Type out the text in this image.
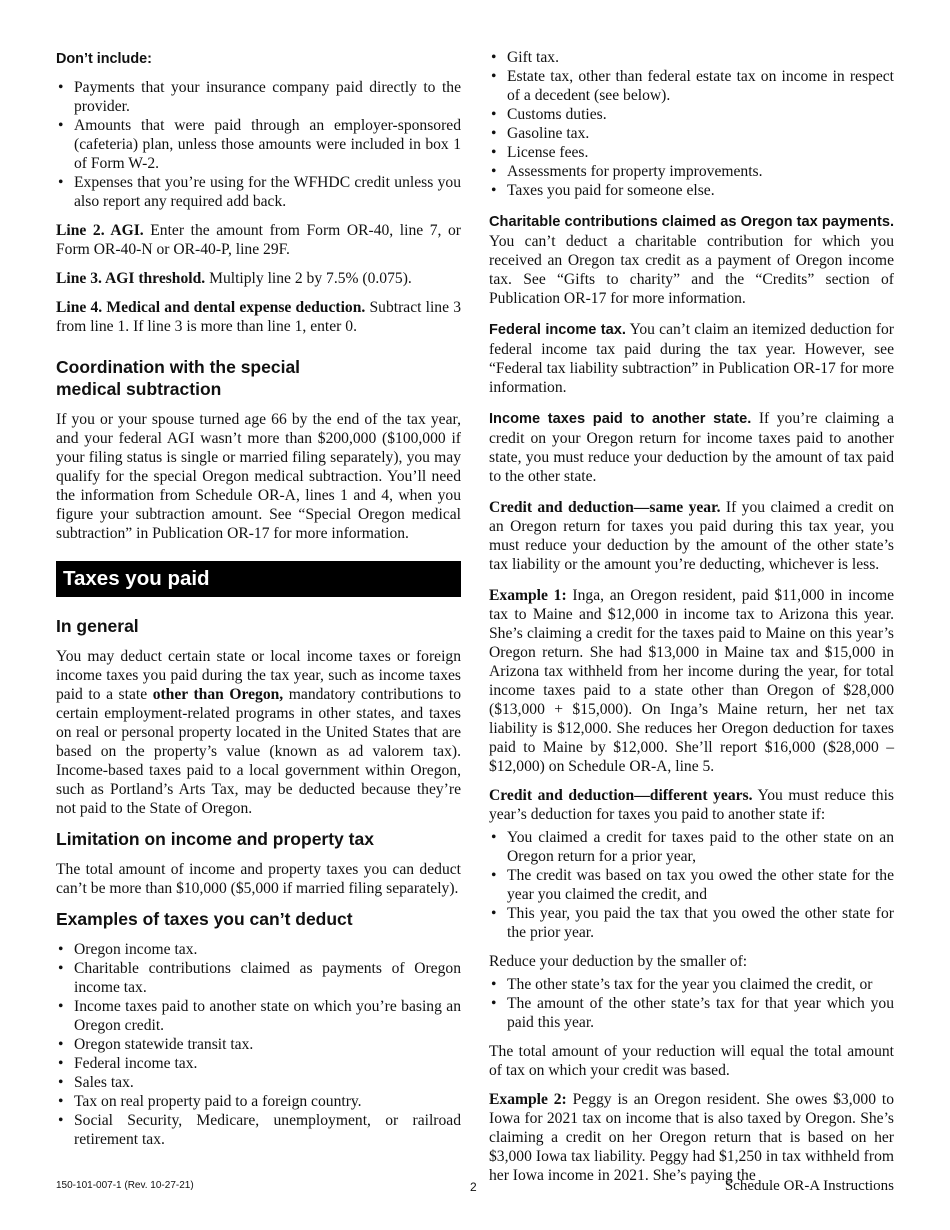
Don’t include:
• Payments that your insurance company paid directly to the provider.
• Amounts that were paid through an employer-sponsored (cafeteria) plan, unless those amounts were included in box 1 of Form W-2.
• Expenses that you’re using for the WFHDC credit unless you also report any required add back.

Line 2. AGI. Enter the amount from Form OR-40, line 7, or Form OR-40-N or OR-40-P, line 29F.

Line 3. AGI threshold. Multiply line 2 by 7.5% (0.075).

Line 4. Medical and dental expense deduction. Subtract line 3 from line 1. If line 3 is more than line 1, enter 0.

Coordination with the special
medical subtraction

If you or your spouse turned age 66 by the end of the tax year, and your federal AGI wasn’t more than $200,000 ($100,000 if your filing status is single or married filing separately), you may qualify for the special Oregon medical subtraction. You’ll need the information from Schedule OR-A, lines 1 and 4, when you figure your subtraction amount. See “Special Oregon medical subtraction” in Publication OR-17 for more information.

Taxes you paid
In general

You may deduct certain state or local income taxes or foreign income taxes you paid during the tax year, such as income taxes paid to a state other than Oregon, mandatory contributions to certain employment-related programs in other states, and taxes on real or personal property located in the United States that are based on the property’s value (known as ad valorem tax). Income-based taxes paid to a local government within Oregon, such as Portland’s Arts Tax, may be deducted because they’re not paid to the State of Oregon.

Limitation on income and property tax

The total amount of income and property taxes you can deduct can’t be more than $10,000 ($5,000 if married filing separately).

Examples of taxes you can’t deduct
• Oregon income tax.
• Charitable contributions claimed as payments of Oregon income tax.
• Income taxes paid to another state on which you’re basing an Oregon credit.
• Oregon statewide transit tax.
• Federal income tax.
• Sales tax.
• Tax on real property paid to a foreign country.
• Social Security, Medicare, unemployment, or railroad retirement tax.
• Gift tax.
• Estate tax, other than federal estate tax on income in respect of a decedent (see below).
• Customs duties.
• Gasoline tax.
• License fees.
• Assessments for property improvements.
• Taxes you paid for someone else.

Charitable contributions claimed as Oregon tax payments. You can’t deduct a charitable contribution for which you received an Oregon tax credit as a payment of Oregon income tax. See “Gifts to charity” and the “Credits” section of Publication OR-17 for more information.

Federal income tax. You can’t claim an itemized deduction for federal income tax paid during the tax year. However, see “Federal tax liability subtraction” in Publication OR-17 for more information.

Income taxes paid to another state. If you’re claiming a credit on your Oregon return for income taxes paid to another state, you must reduce your deduction by the amount of tax paid to the other state.

Credit and deduction—same year. If you claimed a credit on an Oregon return for taxes you paid during this tax year, you must reduce your deduction by the amount of the other state’s tax liability or the amount you’re deducting, whichever is less.

Example 1: Inga, an Oregon resident, paid $11,000 in income tax to Maine and $12,000 in income tax to Arizona this year. She’s claiming a credit for the taxes paid to Maine on this year’s Oregon return. She had $13,000 in Maine tax and $15,000 in Arizona tax withheld from her income during the year, for total income taxes paid to a state other than Oregon of $28,000 ($13,000 + $15,000). On Inga’s Maine return, her net tax liability is $12,000. She reduces her Oregon deduction for taxes paid to Maine by $12,000. She’ll report $16,000 ($28,000 – $12,000) on Schedule OR-A, line 5.

Credit and deduction—different years. You must reduce this year’s deduction for taxes you paid to another state if:

• You claimed a credit for taxes paid to the other state on an Oregon return for a prior year,
• The credit was based on tax you owed the other state for the year you claimed the credit, and
• This year, you paid the tax that you owed the other state for the prior year.

Reduce your deduction by the smaller of:

• The other state’s tax for the year you claimed the credit, or
• The amount of the other state’s tax for that year which you paid this year.

The total amount of your reduction will equal the total amount of tax on which your credit was based.

Example 2: Peggy is an Oregon resident. She owes $3,000 to Iowa for 2021 tax on income that is also taxed by Oregon. She’s claiming a credit on her Oregon return that is based on her $3,000 Iowa tax liability. Peggy had $1,250 in tax withheld from her Iowa income in 2021. She’s paying the

150-101-007-1 (Rev. 10-27-21)	2	Schedule OR-A Instructions
